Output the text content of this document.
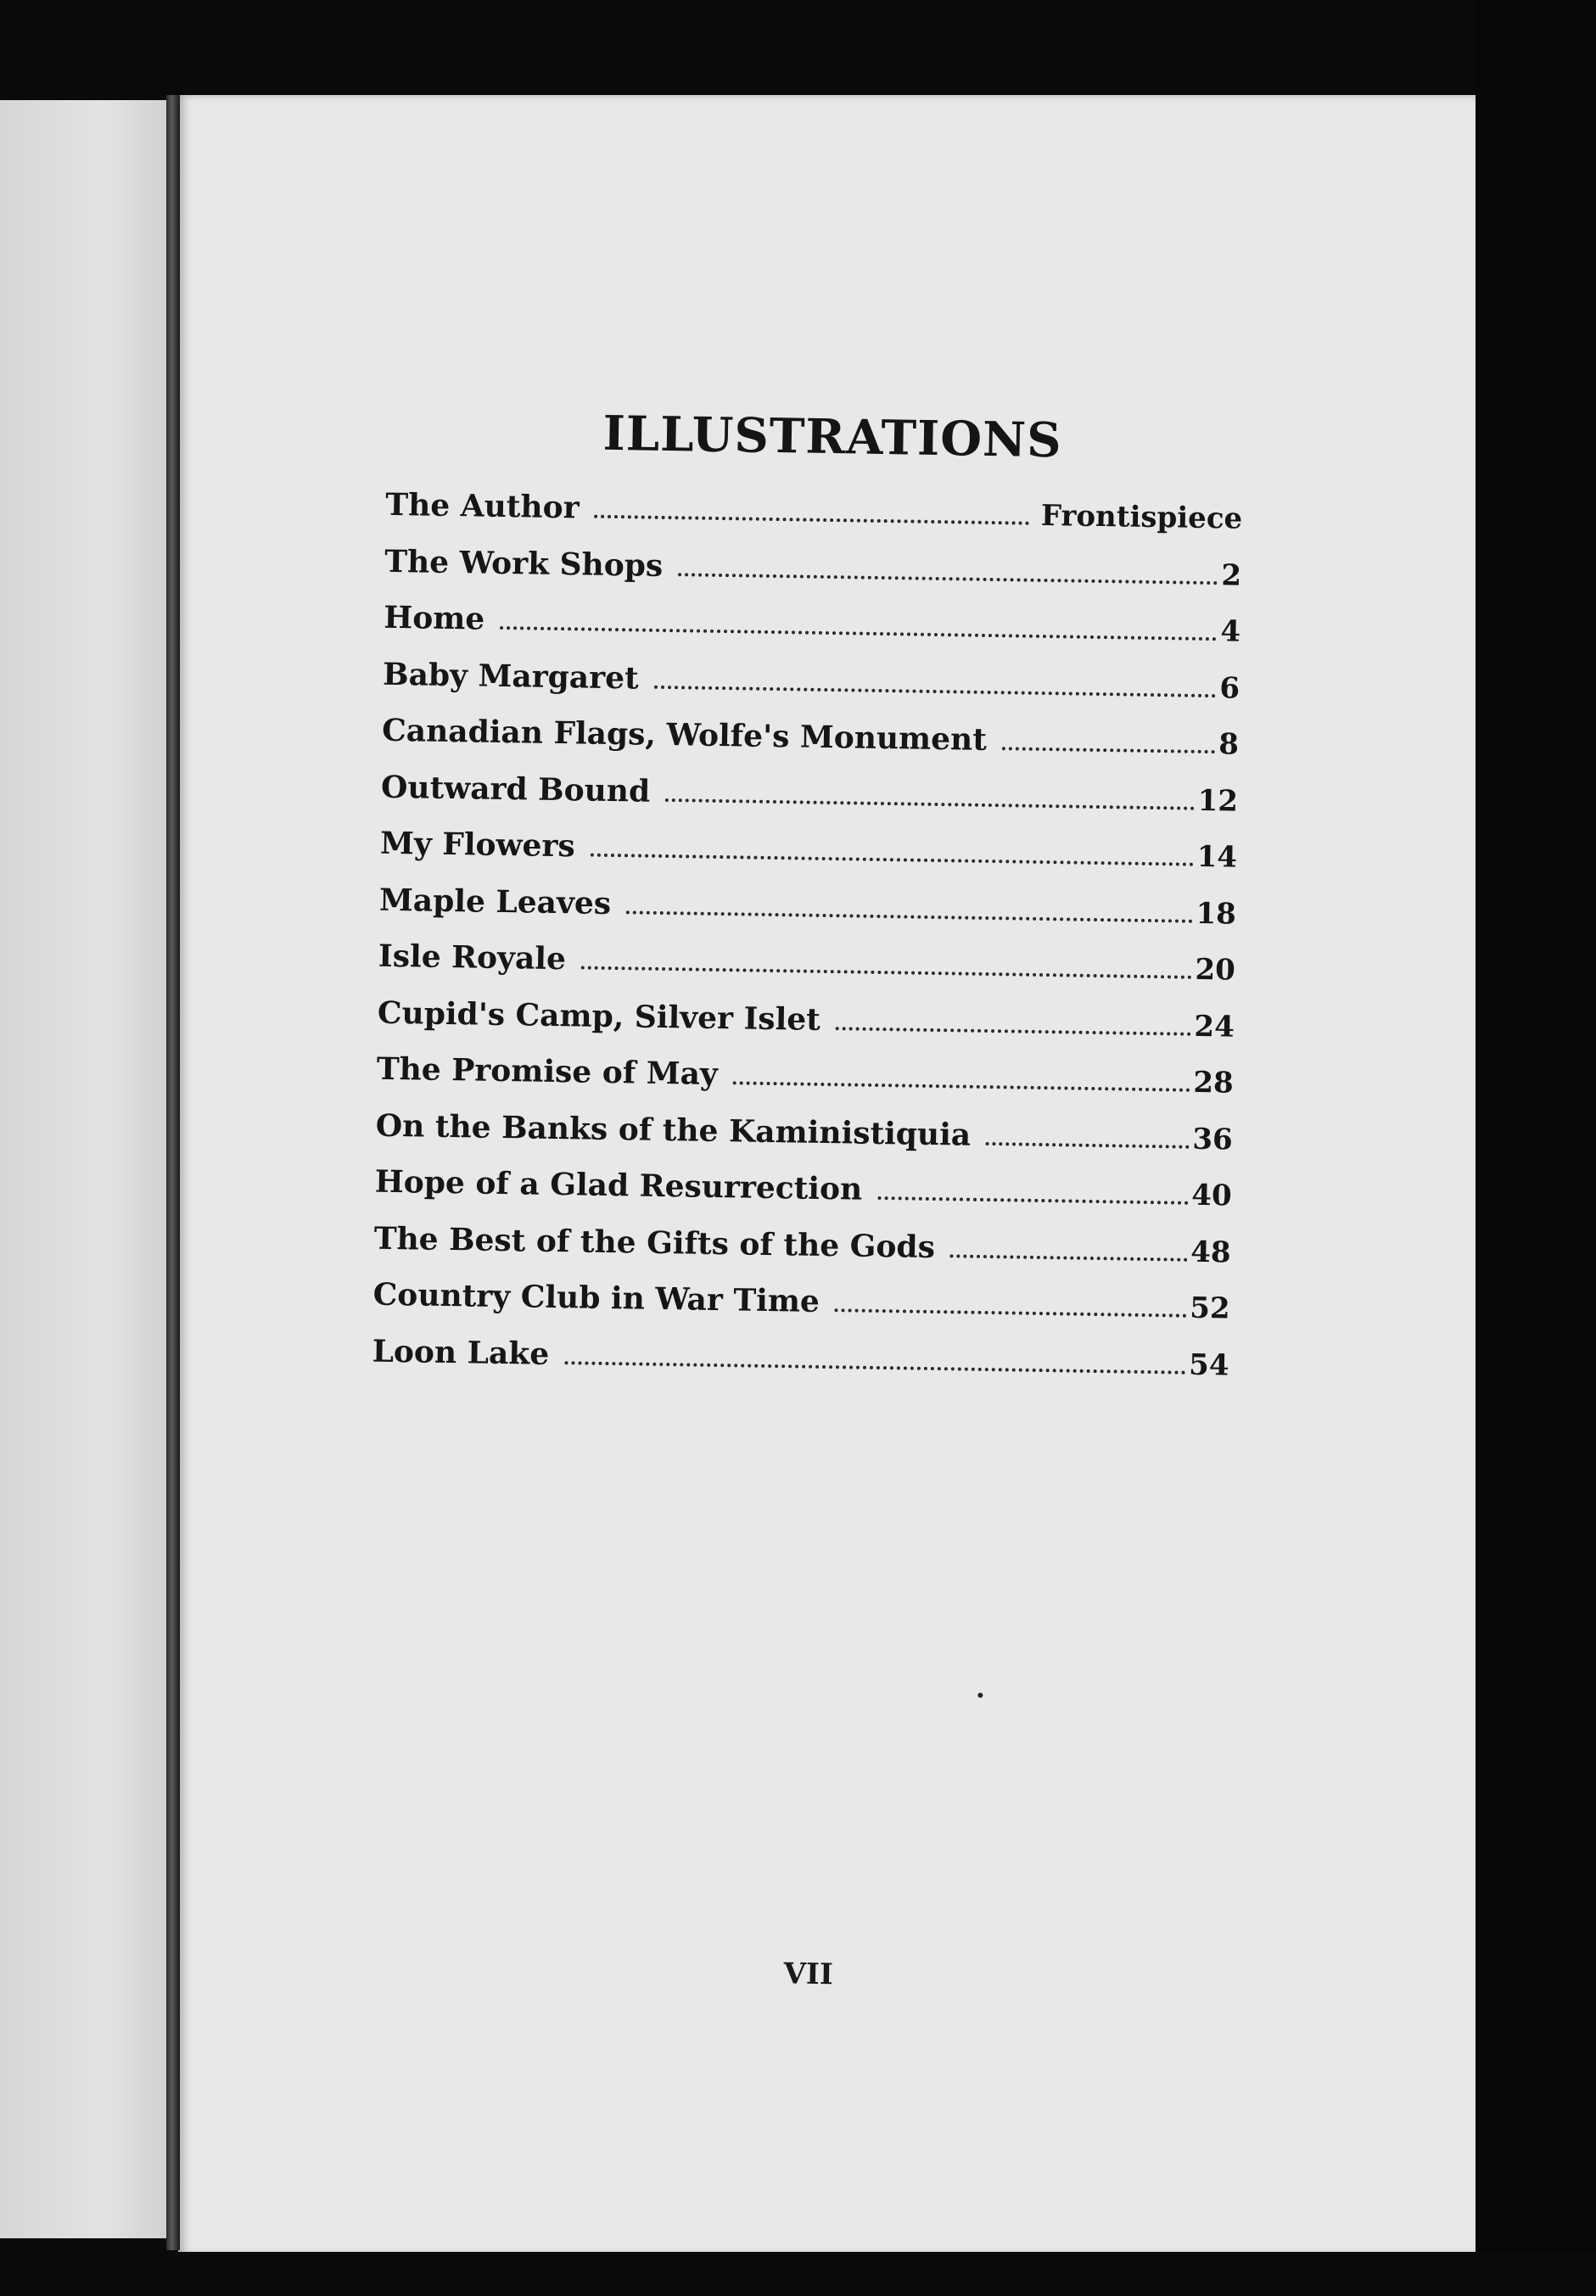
ILLUSTRATIONS
The Author	Frontispiece
The Work Shops	2
Home	4
Baby Margaret	6
Canadian Flags, Wolfe's Monument	8
Outward Bound	12
My Flowers	14
Maple Leaves	18
Isle Royale	20
Cupid's Camp, Silver Islet	24
The Promise of May	28
On the Banks of the Kaministiquia	36
Hope of a Glad Resurrection	40
The Best of the Gifts of the Gods	48
Country Club in War Time	52
Loon Lake	54
VII
